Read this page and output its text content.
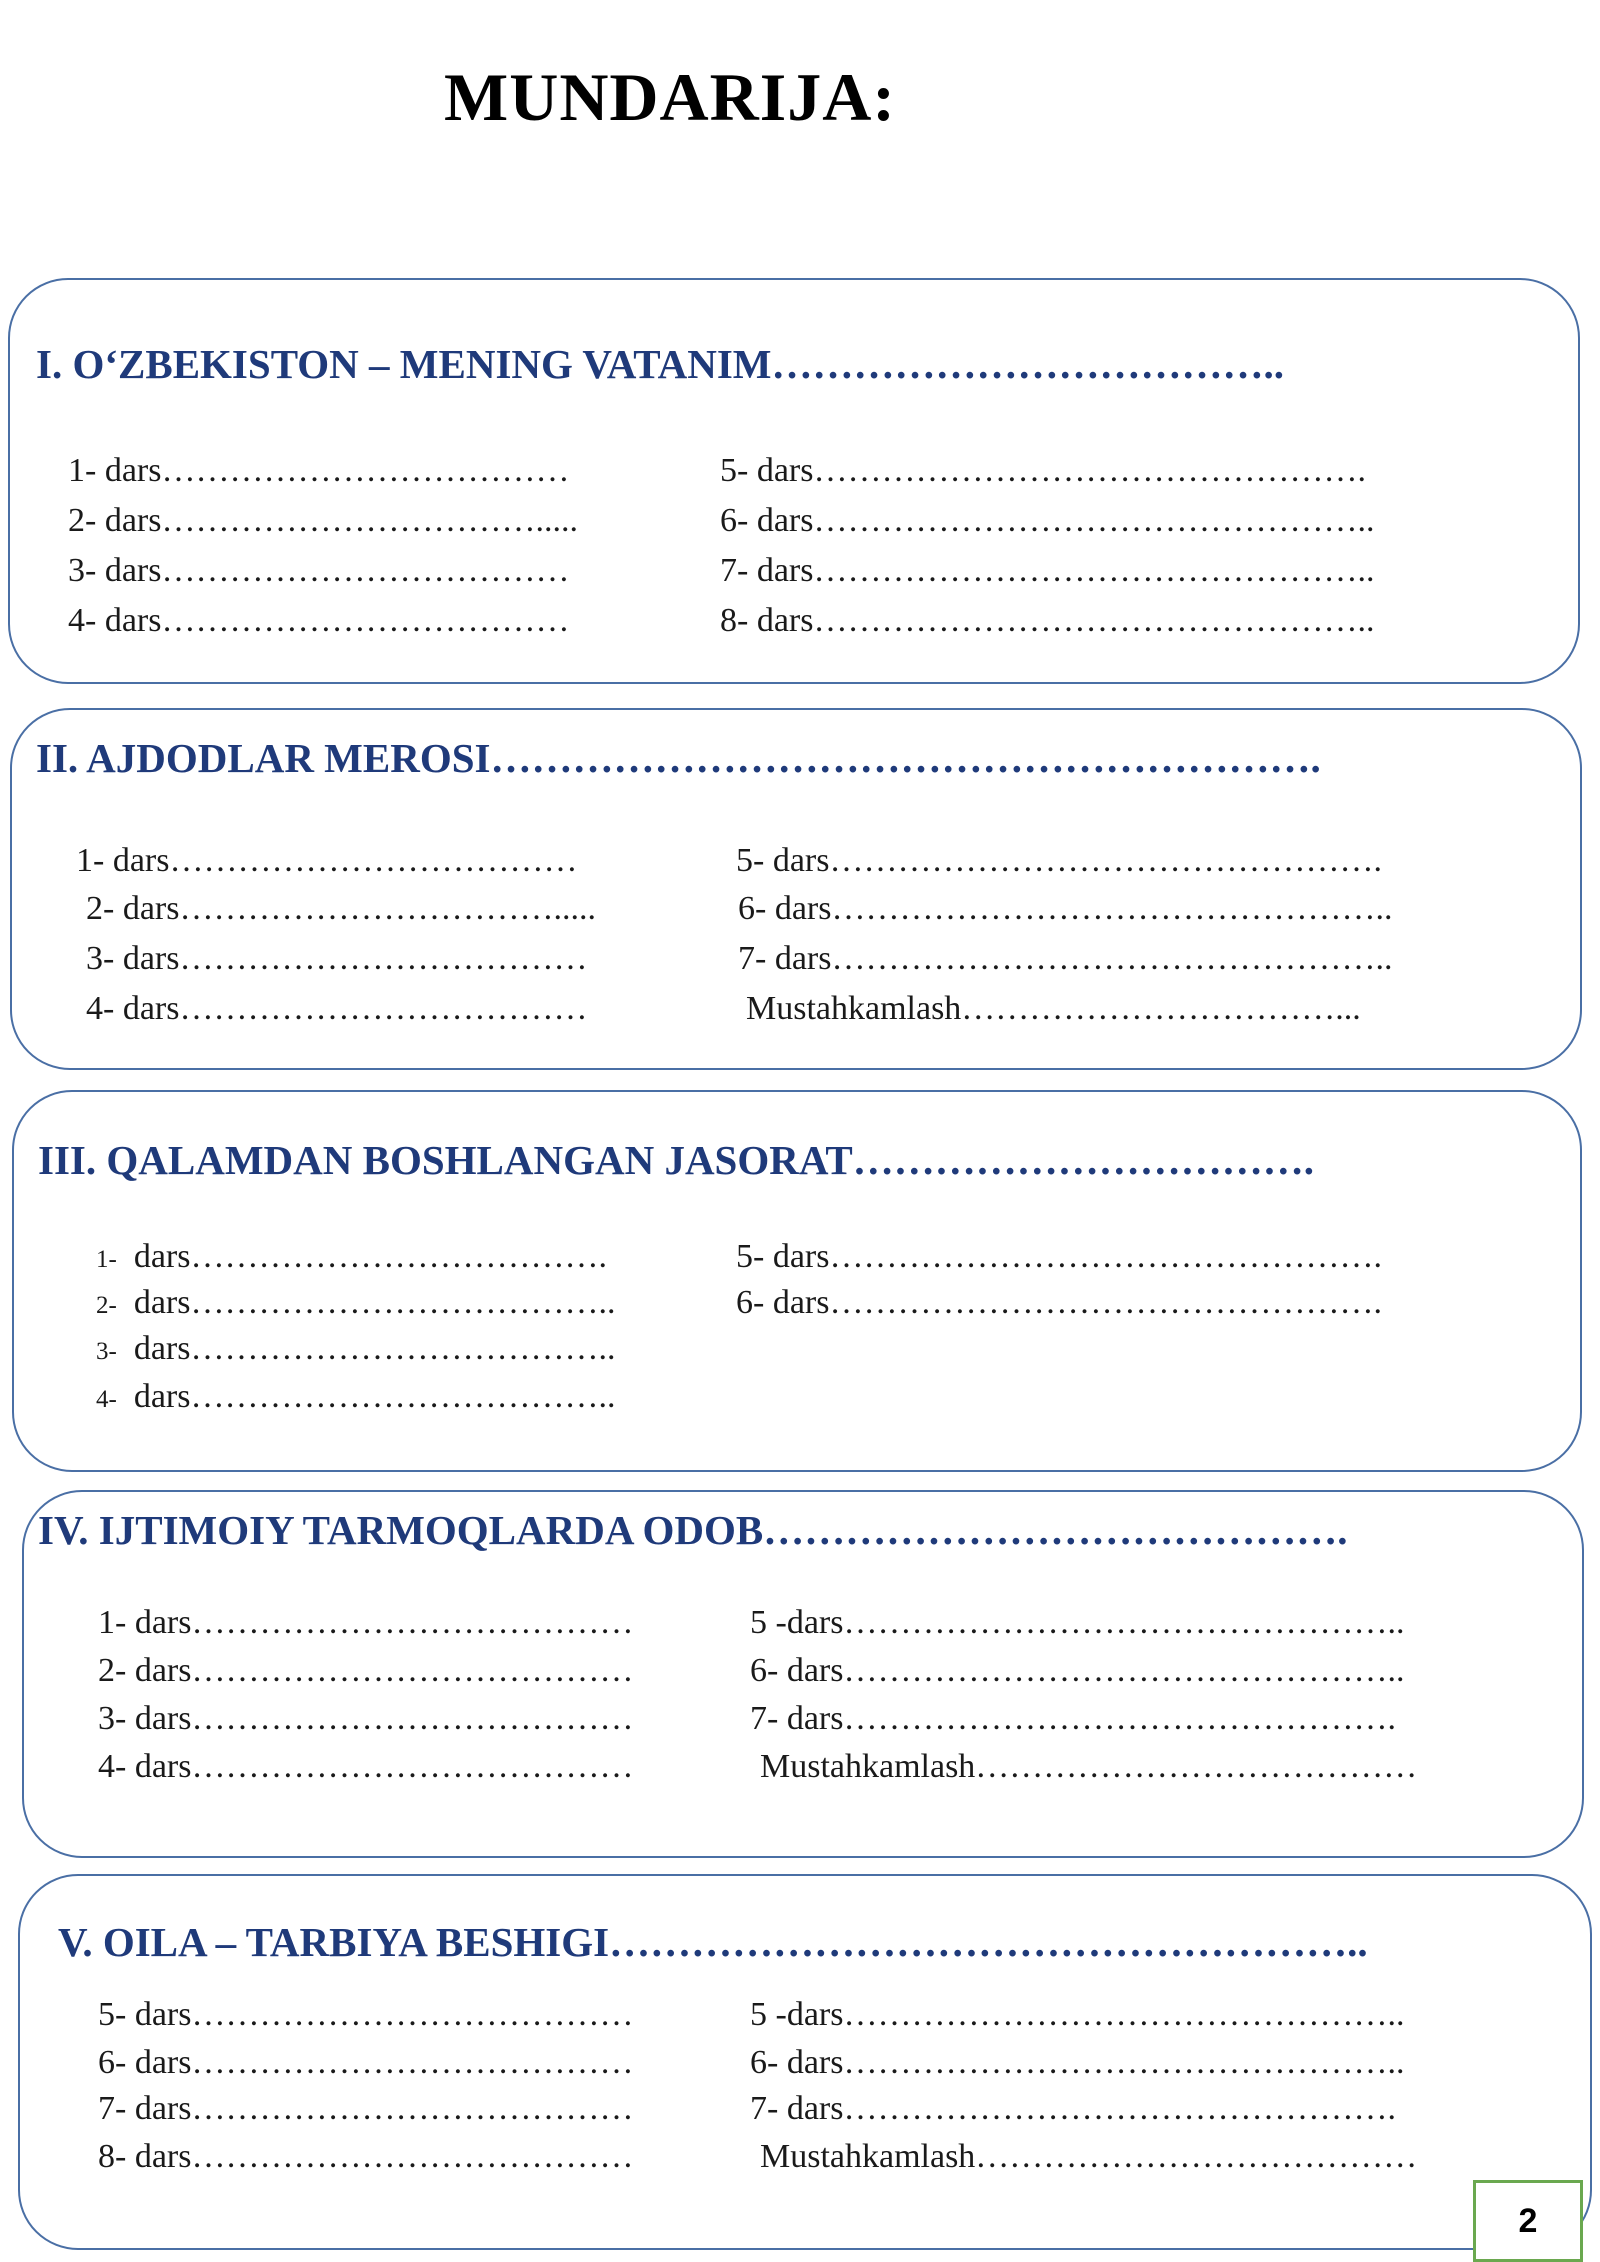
MUNDARIJA:
I. O‘ZBEKISTON – MENING VATANIM………………………………..
1- dars………………………………
2- dars…………………………….....
3- dars………………………………
4- dars………………………………
5- dars………………………………………….
6- dars…………………………………………..
7- dars…………………………………………..
8- dars…………………………………………..
II. AJDODLAR MEROSI…………………………………………………….
1- dars………………………………
2- dars…………………………….....
3- dars………………………………
4- dars………………………………
5- dars………………………………………….
6- dars…………………………………………..
7- dars…………………………………………..
Mustahkamlash……………………………...
III. QALAMDAN BOSHLANGAN JASORAT…………………………….
1- dars……………………………….
2- dars………………………………..
3- dars………………………………..
4- dars………………………………..
5- dars………………………………………….
6- dars………………………………………….
IV. IJTIMOIY TARMOQLARDA ODOB…………………………………….
1- dars…………………………………
2- dars…………………………………
3- dars…………………………………
4- dars…………………………………
5 -dars…………………………………………..
6- dars…………………………………………..
7- dars………………………………………….
Mustahkamlash…………………………………
V. OILA – TARBIYA BESHIGI………………………………………………..
5- dars…………………………………
6- dars…………………………………
7- dars…………………………………
8- dars…………………………………
5 -dars…………………………………………..
6- dars…………………………………………..
7- dars………………………………………….
Mustahkamlash…………………………………
2
